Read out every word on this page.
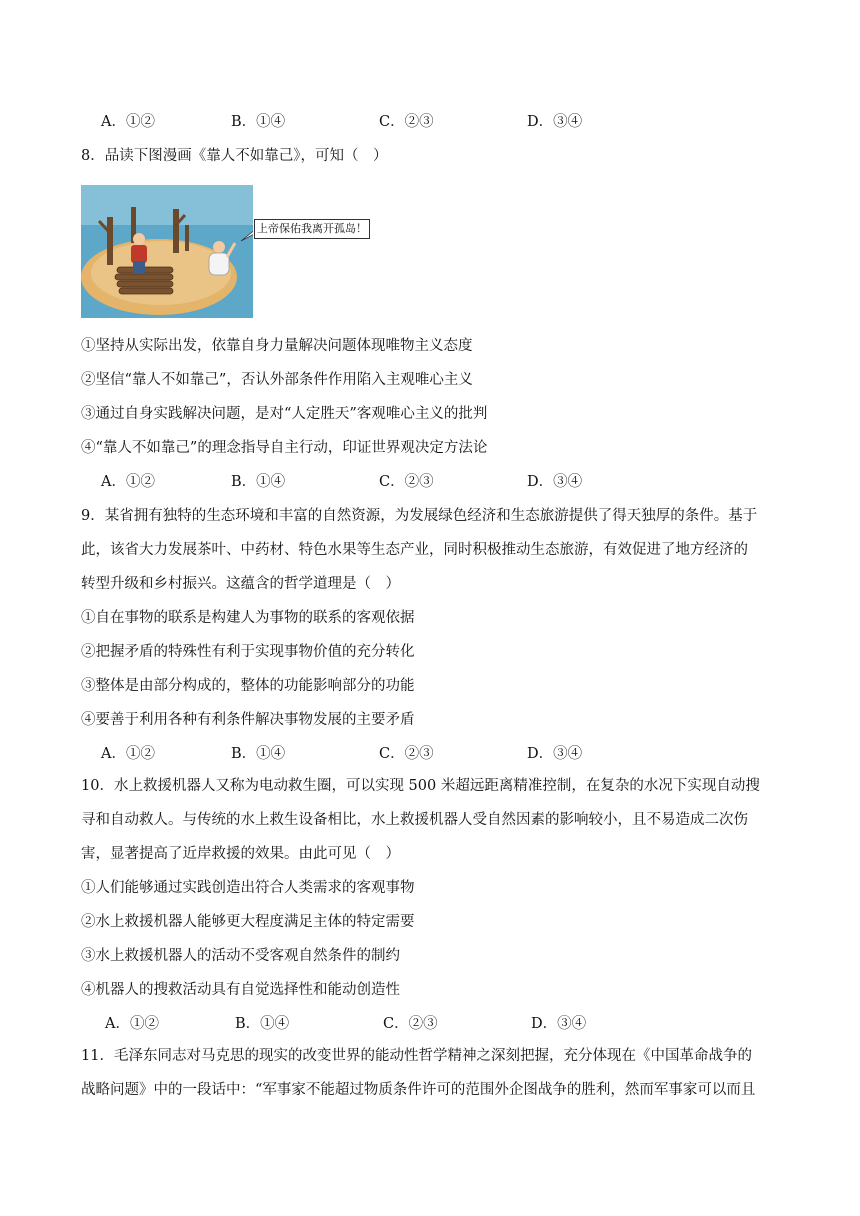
A．①②	B．①④	C．②③	D．③④
8．品读下图漫画《靠人不如靠己》，可知（　）
上帝保佑我离开孤岛！
①坚持从实际出发，依靠自身力量解决问题体现唯物主义态度
②坚信“靠人不如靠己”，否认外部条件作用陷入主观唯心主义
③通过自身实践解决问题，是对“人定胜天”客观唯心主义的批判
④“靠人不如靠己”的理念指导自主行动，印证世界观决定方法论
A．①②	B．①④	C．②③	D．③④
9．某省拥有独特的生态环境和丰富的自然资源，为发展绿色经济和生态旅游提供了得天独厚的条件。基于
此，该省大力发展茶叶、中药材、特色水果等生态产业，同时积极推动生态旅游，有效促进了地方经济的
转型升级和乡村振兴。这蕴含的哲学道理是（　）
①自在事物的联系是构建人为事物的联系的客观依据
②把握矛盾的特殊性有利于实现事物价值的充分转化
③整体是由部分构成的，整体的功能影响部分的功能
④要善于利用各种有利条件解决事物发展的主要矛盾
A．①②	B．①④	C．②③	D．③④
10．水上救援机器人又称为电动救生圈，可以实现 500 米超远距离精准控制，在复杂的水况下实现自动搜
寻和自动救人。与传统的水上救生设备相比，水上救援机器人受自然因素的影响较小，且不易造成二次伤
害，显著提高了近岸救援的效果。由此可见（　）
①人们能够通过实践创造出符合人类需求的客观事物
②水上救援机器人能够更大程度满足主体的特定需要
③水上救援机器人的活动不受客观自然条件的制约
④机器人的搜救活动具有自觉选择性和能动创造性
A．①②	B．①④	C．②③	D．③④
11．毛泽东同志对马克思的现实的改变世界的能动性哲学精神之深刻把握，充分体现在《中国革命战争的
战略问题》中的一段话中：“军事家不能超过物质条件许可的范围外企图战争的胜利，然而军事家可以而且
